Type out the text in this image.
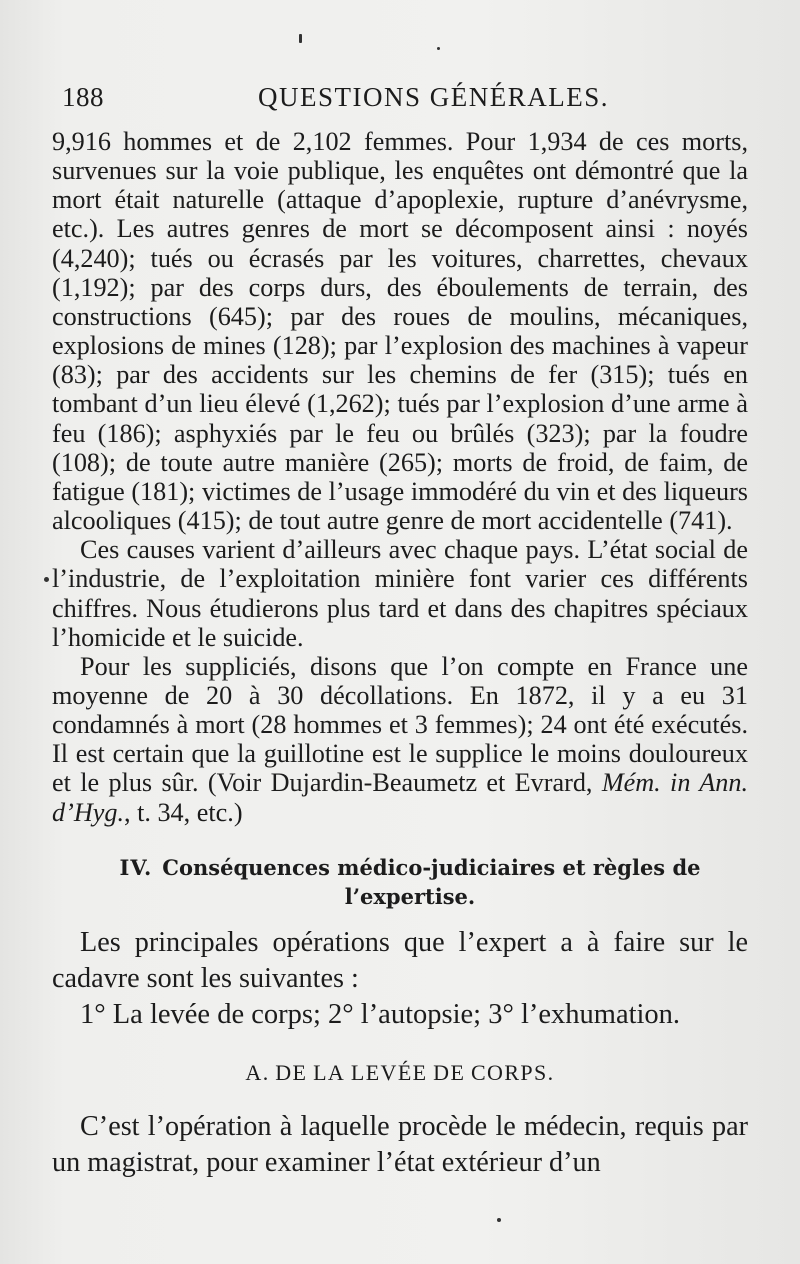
188	QUESTIONS GÉNÉRALES.

9,916 hommes et de 2,102 femmes. Pour 1,934 de ces morts, survenues sur la voie publique, les enquêtes ont démontré que la mort était naturelle (attaque d’apoplexie, rupture d’anévrysme, etc.). Les autres genres de mort se décomposent ainsi : noyés (4,240); tués ou écrasés par les voitures, charrettes, chevaux (1,192); par des corps durs, des éboulements de terrain, des constructions (645); par des roues de moulins, mécaniques, explosions de mines (128); par l’explosion des machines à vapeur (83); par des accidents sur les chemins de fer (315); tués en tombant d’un lieu élevé (1,262); tués par l’explosion d’une arme à feu (186); asphyxiés par le feu ou brûlés (323); par la foudre (108); de toute autre manière (265); morts de froid, de faim, de fatigue (181); victimes de l’usage immodéré du vin et des liqueurs alcooliques (415); de tout autre genre de mort accidentelle (741).

Ces causes varient d’ailleurs avec chaque pays. L’état social de l’industrie, de l’exploitation minière font varier ces différents chiffres. Nous étudierons plus tard et dans des chapitres spéciaux l’homicide et le suicide.

Pour les suppliciés, disons que l’on compte en France une moyenne de 20 à 30 décollations. En 1872, il y a eu 31 condamnés à mort (28 hommes et 3 femmes); 24 ont été exécutés. Il est certain que la guillotine est le supplice le moins douloureux et le plus sûr. (Voir Dujardin-Beaumetz et Evrard, Mém. in Ann. d’Hyg., t. 34, etc.)

IV. Conséquences médico-judiciaires et règles de l’expertise.

Les principales opérations que l’expert a à faire sur le cadavre sont les suivantes :

1° La levée de corps; 2° l’autopsie; 3° l’exhumation.

A. DE LA LEVÉE DE CORPS.

C’est l’opération à laquelle procède le médecin, requis par un magistrat, pour examiner l’état extérieur d’un
